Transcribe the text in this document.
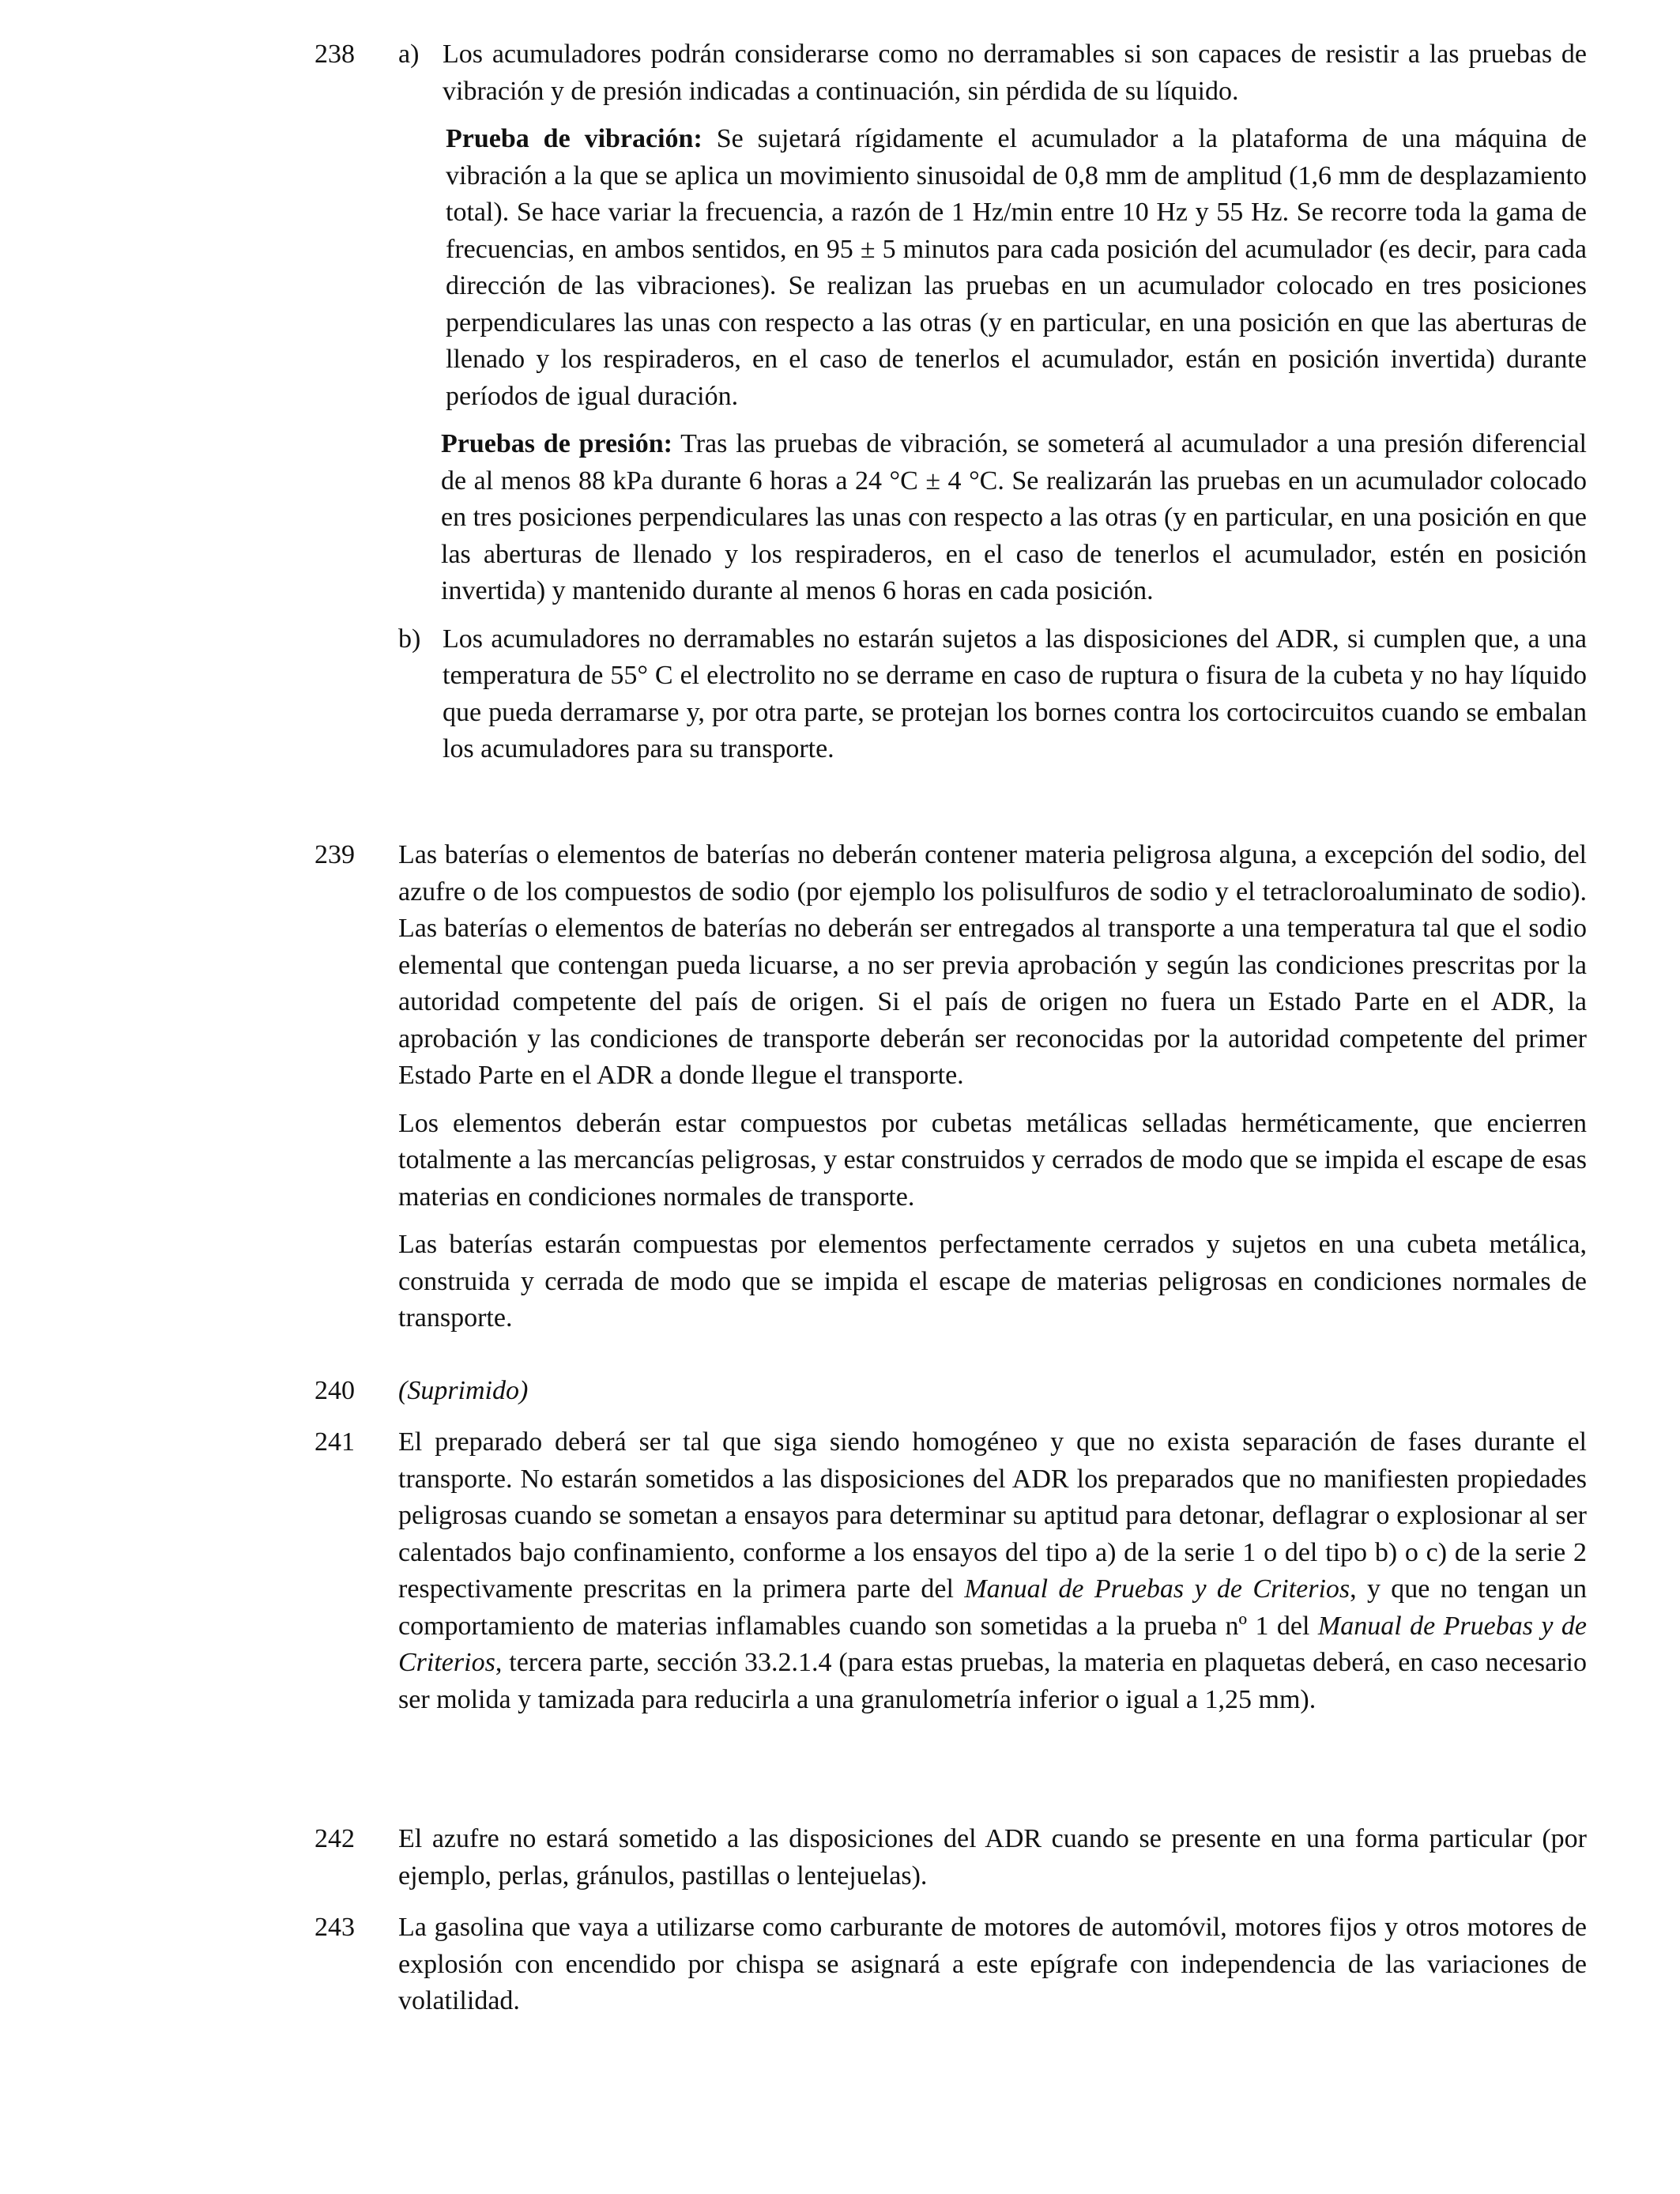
238	a) Los acumuladores podrán considerarse como no derramables si son capaces de resistir a las pruebas de vibración y de presión indicadas a continuación, sin pérdida de su líquido.

Prueba de vibración: Se sujetará rígidamente el acumulador a la plataforma de una máquina de vibración a la que se aplica un movimiento sinusoidal de 0,8 mm de amplitud (1,6 mm de desplazamiento total). Se hace variar la frecuencia, a razón de 1 Hz/min entre 10 Hz y 55 Hz. Se recorre toda la gama de frecuencias, en ambos sentidos, en 95 ± 5 minutos para cada posición del acumulador (es decir, para cada dirección de las vibraciones). Se realizan las pruebas en un acumulador colocado en tres posiciones perpendiculares las unas con respecto a las otras (y en particular, en una posición en que las aberturas de llenado y los respiraderos, en el caso de tenerlos el acumulador, están en posición invertida) durante períodos de igual duración.

Pruebas de presión: Tras las pruebas de vibración, se someterá al acumulador a una presión diferencial de al menos 88 kPa durante 6 horas a 24 °C ± 4 °C. Se realizarán las pruebas en un acumulador colocado en tres posiciones perpendiculares las unas con respecto a las otras (y en particular, en una posición en que las aberturas de llenado y los respiraderos, en el caso de tenerlos el acumulador, estén en posición invertida) y mantenido durante al menos 6 horas en cada posición.

b) Los acumuladores no derramables no estarán sujetos a las disposiciones del ADR, si cumplen que, a una temperatura de 55° C el electrolito no se derrame en caso de ruptura o fisura de la cubeta y no hay líquido que pueda derramarse y, por otra parte, se protejan los bornes contra los cortocircuitos cuando se embalan los acumuladores para su transporte.

239	Las baterías o elementos de baterías no deberán contener materia peligrosa alguna, a excepción del sodio, del azufre o de los compuestos de sodio (por ejemplo los polisulfuros de sodio y el tetracloroaluminato de sodio). Las baterías o elementos de baterías no deberán ser entregados al transporte a una temperatura tal que el sodio elemental que contengan pueda licuarse, a no ser previa aprobación y según las condiciones prescritas por la autoridad competente del país de origen. Si el país de origen no fuera un Estado Parte en el ADR, la aprobación y las condiciones de transporte deberán ser reconocidas por la autoridad competente del primer Estado Parte en el ADR a donde llegue el transporte.

Los elementos deberán estar compuestos por cubetas metálicas selladas herméticamente, que encierren totalmente a las mercancías peligrosas, y estar construidos y cerrados de modo que se impida el escape de esas materias en condiciones normales de transporte.

Las baterías estarán compuestas por elementos perfectamente cerrados y sujetos en una cubeta metálica, construida y cerrada de modo que se impida el escape de materias peligrosas en condiciones normales de transporte.

240	(Suprimido)

241	El preparado deberá ser tal que siga siendo homogéneo y que no exista separación de fases durante el transporte. No estarán sometidos a las disposiciones del ADR los preparados que no manifiesten propiedades peligrosas cuando se sometan a ensayos para determinar su aptitud para detonar, deflagrar o explosionar al ser calentados bajo confinamiento, conforme a los ensayos del tipo a) de la serie 1 o del tipo b) o c) de la serie 2 respectivamente prescritas en la primera parte del Manual de Pruebas y de Criterios, y que no tengan un comportamiento de materias inflamables cuando son sometidas a la prueba nº 1 del Manual de Pruebas y de Criterios, tercera parte, sección 33.2.1.4 (para estas pruebas, la materia en plaquetas deberá, en caso necesario ser molida y tamizada para reducirla a una granulometría inferior o igual a 1,25 mm).

242	El azufre no estará sometido a las disposiciones del ADR cuando se presente en una forma particular (por ejemplo, perlas, gránulos, pastillas o lentejuelas).

243	La gasolina que vaya a utilizarse como carburante de motores de automóvil, motores fijos y otros motores de explosión con encendido por chispa se asignará a este epígrafe con independencia de las variaciones de volatilidad.
